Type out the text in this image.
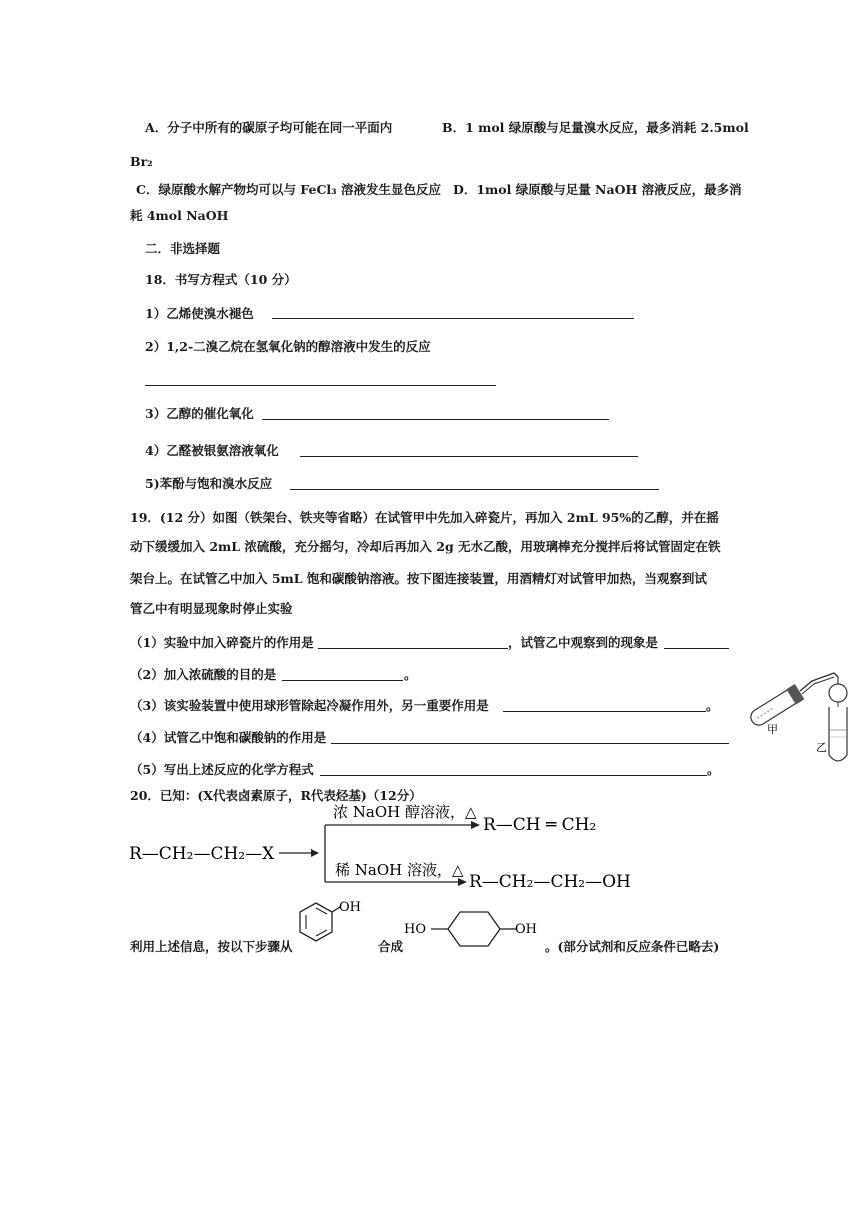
A．分子中所有的碳原子均可能在同一平面内	B．1 mol 绿原酸与足量溴水反应，最多消耗 2.5mol
Br₂
C．绿原酸水解产物均可以与 FeCl₃ 溶液发生显色反应 D．1mol 绿原酸与足量 NaOH 溶液反应，最多消
耗 4mol NaOH
二．非选择题
18．书写方程式（10 分）
1）乙烯使溴水褪色
2）1,2-二溴乙烷在氢氧化钠的醇溶液中发生的反应
3）乙醇的催化氧化
4）乙醛被银氨溶液氧化
5)苯酚与饱和溴水反应
19．(12 分）如图（铁架台、铁夹等省略）在试管甲中先加入碎瓷片，再加入 2mL 95%的乙醇，并在摇
动下缓缓加入 2mL 浓硫酸，充分摇匀，冷却后再加入 2g 无水乙酸，用玻璃棒充分搅拌后将试管固定在铁
架台上。在试管乙中加入 5mL 饱和碳酸钠溶液。按下图连接装置，用酒精灯对试管甲加热，当观察到试
管乙中有明显现象时停止实验
（1）实验中加入碎瓷片的作用是	，试管乙中观察到的现象是
（2）加入浓硫酸的目的是	。
（3）该实验装置中使用球形管除起冷凝作用外，另一重要作用是	。
（4）试管乙中饱和碳酸钠的作用是
（5）写出上述反应的化学方程式	。
甲
乙
20．已知：(X代表卤素原子，R代表烃基)（12分）
R—CH₂—CH₂—X
浓 NaOH 醇溶液，△
R—CH ═ CH₂
稀 NaOH 溶液，△
R—CH₂—CH₂—OH
利用上述信息，按以下步骤从
OH
合成
HO	OH
。(部分试剂和反应条件已略去)
